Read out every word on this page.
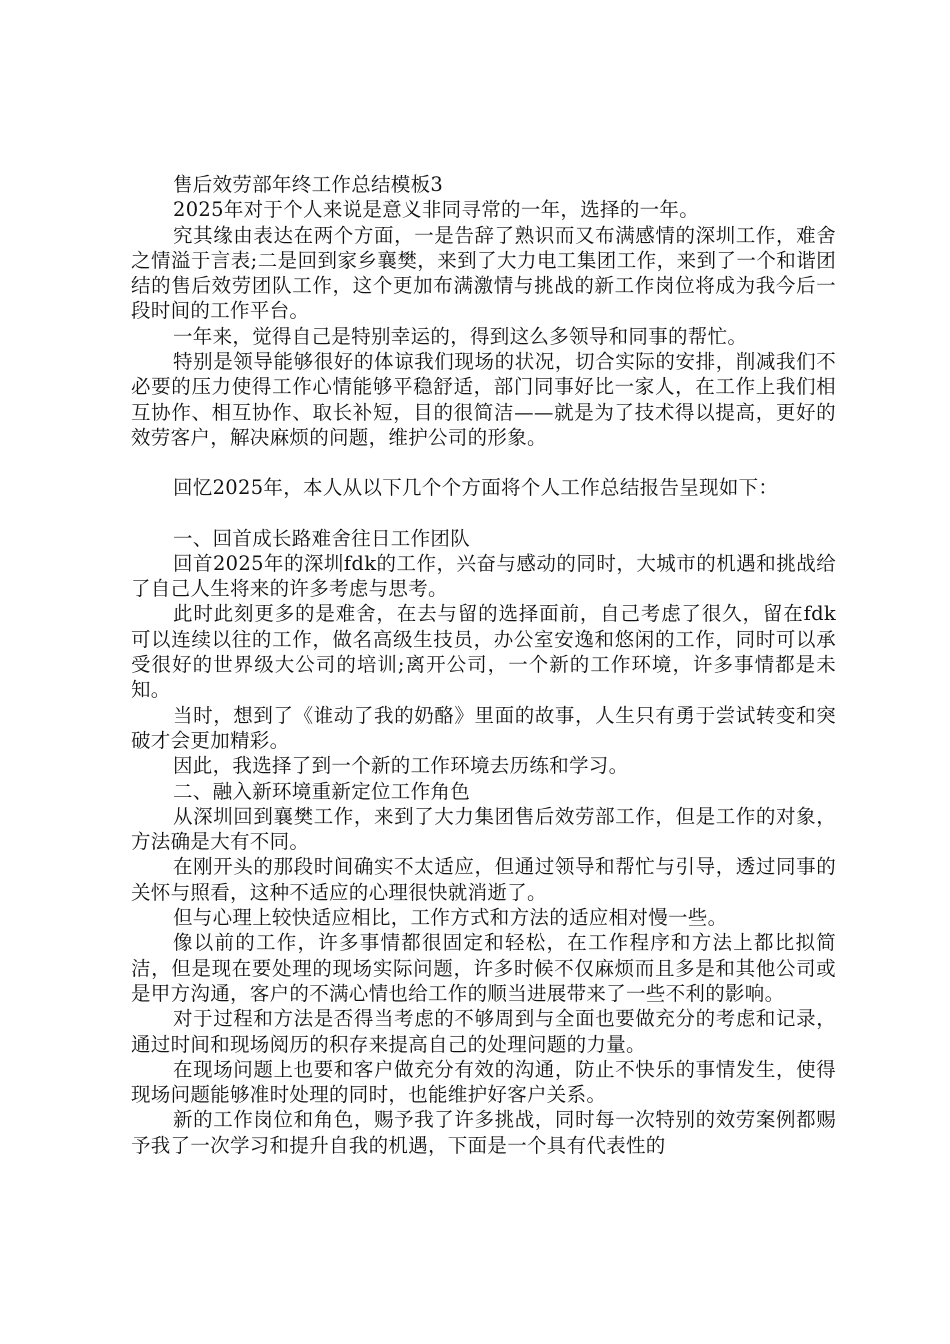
售后效劳部年终工作总结模板3

2025年对于个人来说是意义非同寻常的一年，选择的一年。

究其缘由表达在两个方面，一是告辞了熟识而又布满感情的深圳工作，难舍之情溢于言表;二是回到家乡襄樊，来到了大力电工集团工作，来到了一个和谐团结的售后效劳团队工作，这个更加布满激情与挑战的新工作岗位将成为我今后一段时间的工作平台。

一年来，觉得自己是特别幸运的，得到这么多领导和同事的帮忙。

特别是领导能够很好的体谅我们现场的状况，切合实际的安排，削减我们不必要的压力使得工作心情能够平稳舒适，部门同事好比一家人，在工作上我们相互协作、相互协作、取长补短，目的很简洁——就是为了技术得以提高，更好的效劳客户，解决麻烦的问题，维护公司的形象。

回忆2025年，本人从以下几个个方面将个人工作总结报告呈现如下：

一、回首成长路难舍往日工作团队

回首2025年的深圳fdk的工作，兴奋与感动的同时，大城市的机遇和挑战给了自己人生将来的许多考虑与思考。

此时此刻更多的是难舍，在去与留的选择面前，自己考虑了很久，留在fdk可以连续以往的工作，做名高级生技员，办公室安逸和悠闲的工作，同时可以承受很好的世界级大公司的培训;离开公司，一个新的工作环境，许多事情都是未知。

当时，想到了《谁动了我的奶酪》里面的故事，人生只有勇于尝试转变和突破才会更加精彩。

因此，我选择了到一个新的工作环境去历练和学习。

二、融入新环境重新定位工作角色

从深圳回到襄樊工作，来到了大力集团售后效劳部工作，但是工作的对象，方法确是大有不同。

在刚开头的那段时间确实不太适应，但通过领导和帮忙与引导，透过同事的关怀与照看，这种不适应的心理很快就消逝了。

但与心理上较快适应相比，工作方式和方法的适应相对慢一些。

像以前的工作，许多事情都很固定和轻松，在工作程序和方法上都比拟简洁，但是现在要处理的现场实际问题，许多时候不仅麻烦而且多是和其他公司或是甲方沟通，客户的不满心情也给工作的顺当进展带来了一些不利的影响。

对于过程和方法是否得当考虑的不够周到与全面也要做充分的考虑和记录，通过时间和现场阅历的积存来提高自己的处理问题的力量。

在现场问题上也要和客户做充分有效的沟通，防止不快乐的事情发生，使得现场问题能够准时处理的同时，也能维护好客户关系。

新的工作岗位和角色，赐予我了许多挑战，同时每一次特别的效劳案例都赐予我了一次学习和提升自我的机遇，下面是一个具有代表性的
